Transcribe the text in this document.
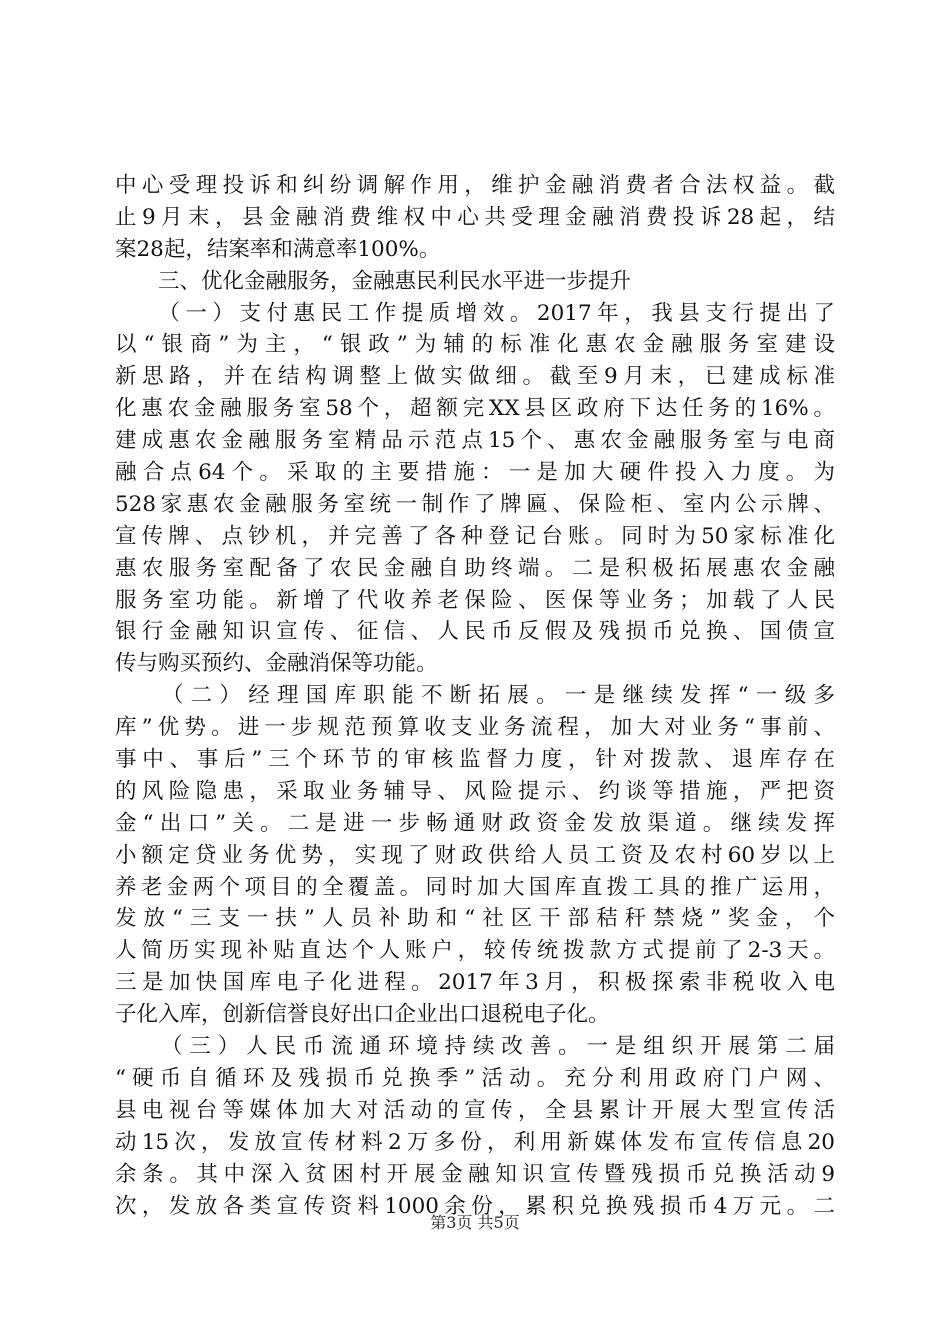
中心受理投诉和纠纷调解作用，维护金融消费者合法权益。截
止9月末，县金融消费维权中心共受理金融消费投诉28起，结
案28起，结案率和满意率100%。
　　三、优化金融服务，金融惠民利民水平进一步提升
　　（一）支付惠民工作提质增效。2017年，我县支行提出了
以“银商”为主，“银政”为辅的标准化惠农金融服务室建设
新思路，并在结构调整上做实做细。截至9月末，已建成标准
化惠农金融服务室58个，超额完XX县区政府下达任务的16%。
建成惠农金融服务室精品示范点15个、惠农金融服务室与电商
融合点64个。采取的主要措施：一是加大硬件投入力度。为
528家惠农金融服务室统一制作了牌匾、保险柜、室内公示牌、
宣传牌、点钞机，并完善了各种登记台账。同时为50家标准化
惠农服务室配备了农民金融自助终端。二是积极拓展惠农金融
服务室功能。新增了代收养老保险、医保等业务；加载了人民
银行金融知识宣传、征信、人民币反假及残损币兑换、国债宣
传与购买预约、金融消保等功能。
　　（二）经理国库职能不断拓展。一是继续发挥“一级多
库”优势。进一步规范预算收支业务流程，加大对业务“事前、
事中、事后”三个环节的审核监督力度，针对拨款、退库存在
的风险隐患，采取业务辅导、风险提示、约谈等措施，严把资
金“出口”关。二是进一步畅通财政资金发放渠道。继续发挥
小额定贷业务优势，实现了财政供给人员工资及农村60岁以上
养老金两个项目的全覆盖。同时加大国库直拨工具的推广运用，
发放“三支一扶”人员补助和“社区干部秸秆禁烧”奖金，个
人简历实现补贴直达个人账户，较传统拨款方式提前了2-3天。
三是加快国库电子化进程。2017年3月，积极探索非税收入电
子化入库，创新信誉良好出口企业出口退税电子化。
　　（三）人民币流通环境持续改善。一是组织开展第二届
“硬币自循环及残损币兑换季”活动。充分利用政府门户网、
县电视台等媒体加大对活动的宣传，全县累计开展大型宣传活
动15次，发放宣传材料2万多份，利用新媒体发布宣传信息20
余条。其中深入贫困村开展金融知识宣传暨残损币兑换活动9
次，发放各类宣传资料1000余份，累积兑换残损币4万元。二
第3页 共5页
